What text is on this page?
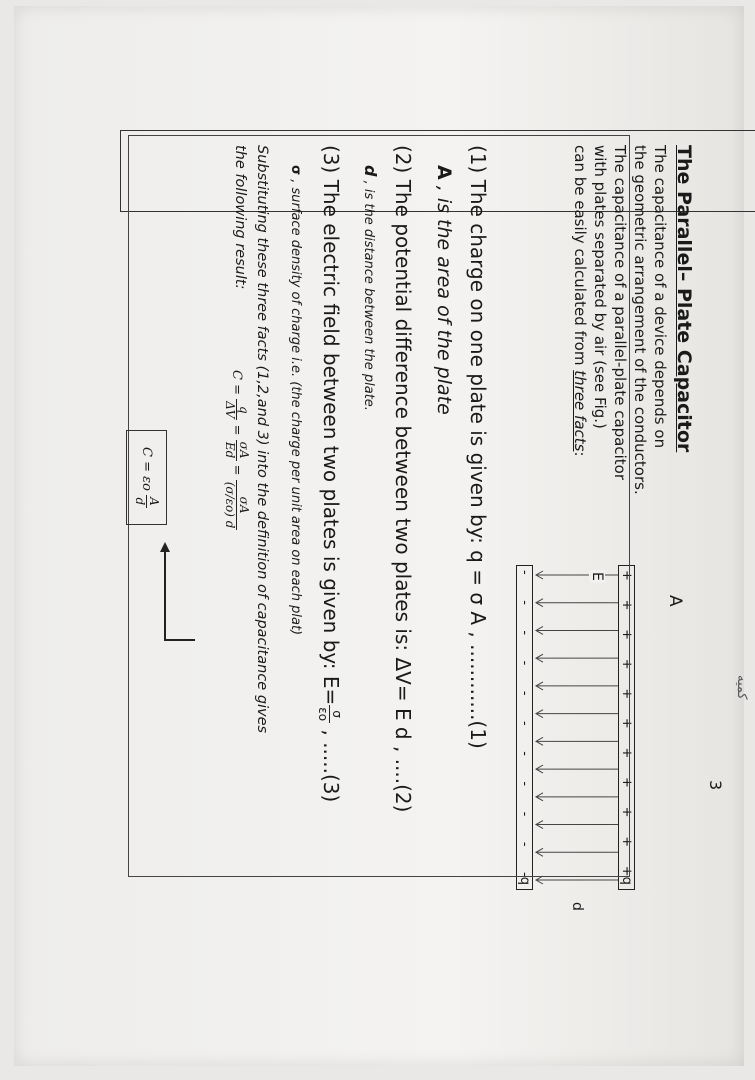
The Parallel– Plate Capacitor
The capacitance of a device depends on
the geometric arrangement of the conductors.
The capacitance of a parallel-plate capacitor
with plates separated by air (see Fig.)
can be easily calculated from three facts:
كميه
A
+
+
+
+
+
+
+
+
+
+
+q
-
-
-
-
-
-
-
-
-
-
-q
E
d
(1) The charge on one plate is given by: q = σ A , ............(1)
A , is the area of the plate
(2) The potential difference between two plates is: ΔV= E d , ....(2)
d , is the distance between the plate.
(3) The electric field between two plates is given by: E=
σ
εo
, .....(3)
σ , surface density of charge i.e. (the charge per unit area on each plat)
Substituting these three facts (1,2,and 3) into the definition of capacitance gives
the following result:
C =
q
ΔV
=
σA
Ed
=
σA
(σ/εo) d
C = εo
A
d
3
